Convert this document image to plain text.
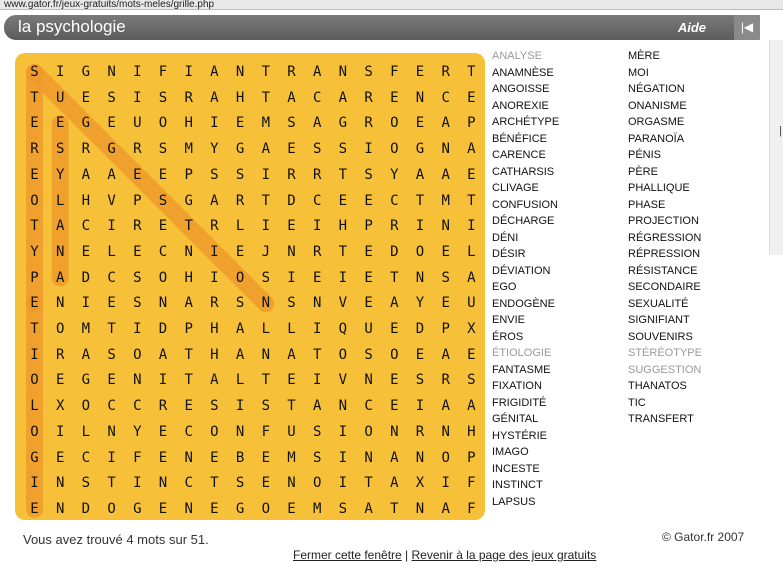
www.gator.fr/jeux-gratuits/mots-meles/grille.php
la psychologie	Aide	|◀
|
S	I	G	N	I	F	I	A	N	T	R	A	N	S	F	E	R	T
T	U	E	S	I	S	R	A	H	T	A	C	A	R	E	N	C	E
E	E	G	E	U	O	H	I	E	M	S	A	G	R	O	E	A	P
R	S	R	G	R	S	M	Y	G	A	E	S	S	I	O	G	N	A
E	Y	A	A	E	E	P	S	S	I	R	R	T	S	Y	A	A	E
O	L	H	V	P	S	G	A	R	T	D	C	E	E	C	T	M	T
T	A	C	I	R	E	T	R	L	I	E	I	H	P	R	I	N	I
Y	N	E	L	E	C	N	I	E	J	N	R	T	E	D	O	E	L
P	A	D	C	S	O	H	I	O	S	I	E	I	E	T	N	S	A
E	N	I	E	S	N	A	R	S	N	S	N	V	E	A	Y	E	U
T	O	M	T	I	D	P	H	A	L	L	I	Q	U	E	D	P	X
I	R	A	S	O	A	T	H	A	N	A	T	O	S	O	E	A	E
O	E	G	E	N	I	T	A	L	T	E	I	V	N	E	S	R	S
L	X	O	C	C	R	E	S	I	S	T	A	N	C	E	I	A	A
O	I	L	N	Y	E	C	O	N	F	U	S	I	O	N	R	N	H
G	E	C	I	F	E	N	E	B	E	M	S	I	N	A	N	O	P
I	N	S	T	I	N	C	T	S	E	N	O	I	T	A	X	I	F
E	N	D	O	G	E	N	E	G	O	E	M	S	A	T	N	A	F
ANALYSE
ANAMNÈSE
ANGOISSE
ANOREXIE
ARCHÉTYPE
BÉNÉFICE
CARENCE
CATHARSIS
CLIVAGE
CONFUSION
DÉCHARGE
DÉNI
DÉSIR
DÉVIATION
EGO
ENDOGÈNE
ENVIE
ÉROS
ÉTIOLOGIE
FANTASME
FIXATION
FRIGIDITÉ
GÉNITAL
HYSTÉRIE
IMAGO
INCESTE
INSTINCT
LAPSUS
MÈRE
MOI
NÉGATION
ONANISME
ORGASME
PARANOÏA
PÉNIS
PÈRE
PHALLIQUE
PHASE
PROJECTION
RÉGRESSION
RÉPRESSION
RÉSISTANCE
SECONDAIRE
SEXUALITÉ
SIGNIFIANT
SOUVENIRS
STÉRÉOTYPE
SUGGESTION
THANATOS
TIC
TRANSFERT
Vous avez trouvé 4 mots sur 51.	© Gator.fr 2007
Fermer cette fenêtre | Revenir à la page des jeux gratuits
